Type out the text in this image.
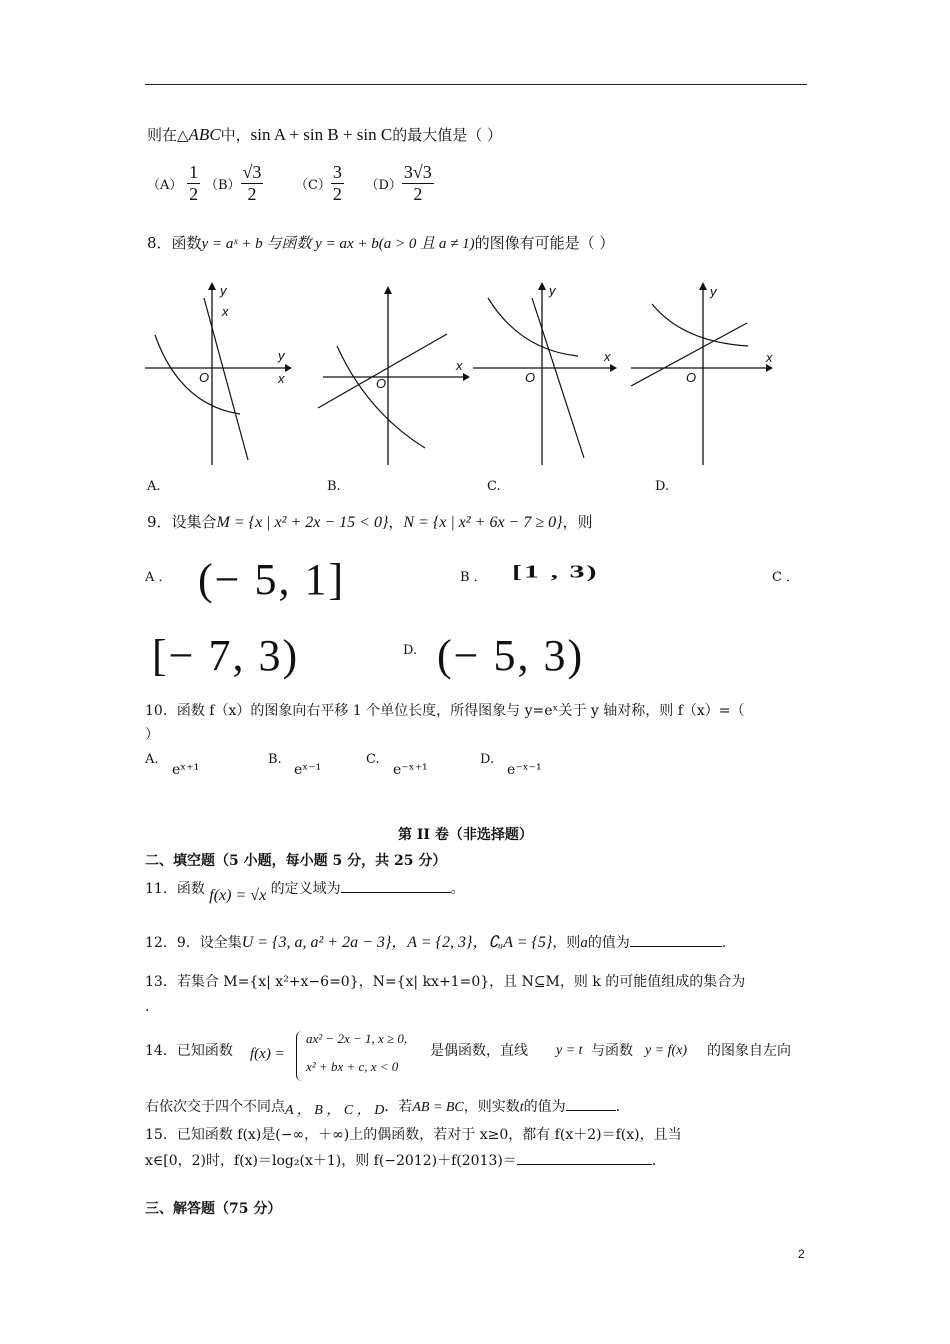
则在△ABC中，sin A + sin B + sin C的最大值是（ ）
$(A) \frac{1}{2} (B) \frac{√3}{2} (C) \frac{3}{2} (D) \frac{3√3}{2}$
8．函数y = aˣ + b 与函数 y = ax + b(a > 0 且 a ≠ 1)的图像有可能是（ ）
y
x
y
x
O
x
O
y
x
O
y
x
O
A.	B.	C.	D.
9．设集合M = {x | x² + 2x − 15 < 0}，N = {x | x² + 6x − 7 ≥ 0}，则
A ． (− 5, 1]	B ． [1 , 3)	C ．
[− 7, 3)	D. (− 5, 3)
10．函数 f（x）的图象向右平移 1 个单位长度，所得图象与 y=eˣ关于 y 轴对称，则 f（x）=（
）
A.
eˣ⁺¹
B.
eˣ⁻¹
C.
e⁻ˣ⁺¹
D.
e⁻ˣ⁻¹
第 II 卷（非选择题）
二、填空题（5 小题，每小题 5 分，共 25 分）
11．函数 f(x) = √x 的定义域为	。
12．9．设全集U = {3, a, a² + 2a − 3}，A = {2, 3}，∁ᵤA = {5}，则a的值为	.
13．若集合 M={x| x²+x−6=0}，N={x| kx+1=0}，且 N⊆M，则 k 的可能值组成的集合为
.
14．已知函数 f(x) =
ax² − 2x − 1, x ≥ 0,
x² + bx + c, x < 0
是偶函数，直线 y = t 与函数 y = f(x) 的图象自左向
右依次交于四个不同点A ， B ， C ， D．若AB = BC，则实数t的值为	.
15．已知函数 f(x)是(−∞，＋∞)上的偶函数，若对于 x≥0，都有 f(x＋2)＝f(x)，且当
x∈[0，2)时，f(x)＝log₂(x＋1)，则 f(−2012)＋f(2013)＝	.
三、解答题（75 分）
2
